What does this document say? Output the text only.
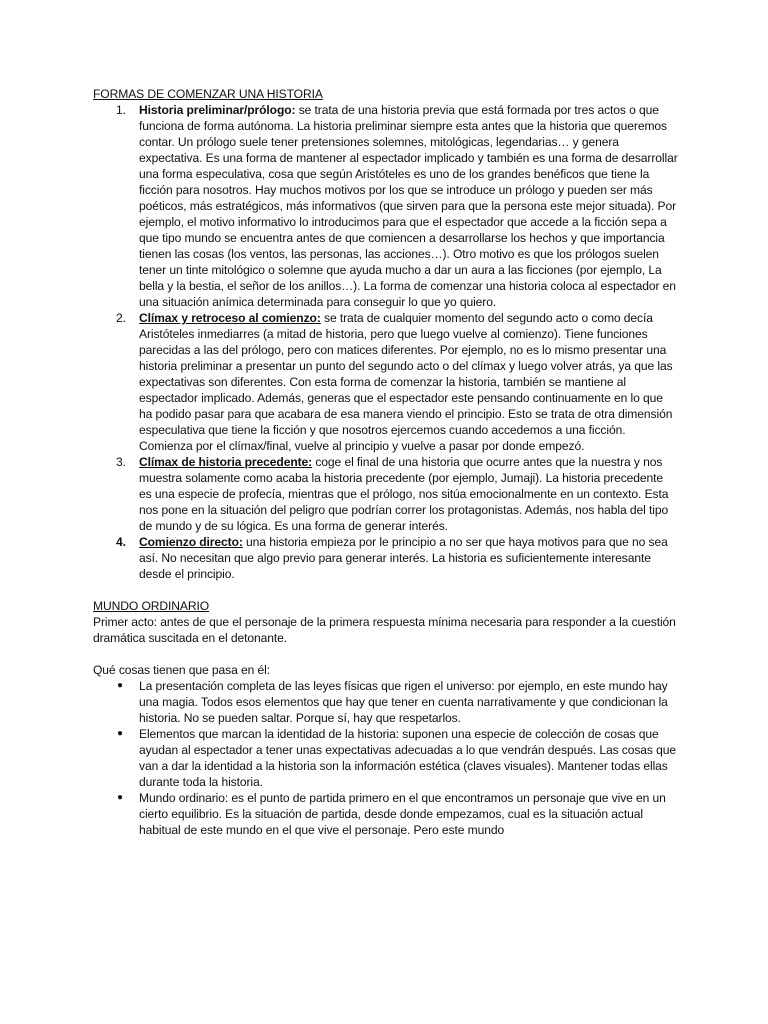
FORMAS DE COMENZAR UNA HISTORIA

1. Historia preliminar/prólogo: se trata de una historia previa que está formada por tres actos o que funciona de forma autónoma. La historia preliminar siempre esta antes que la historia que queremos contar. Un prólogo suele tener pretensiones solemnes, mitológicas, legendarias… y genera expectativa. Es una forma de mantener al espectador implicado y también es una forma de desarrollar una forma especulativa, cosa que según Aristóteles es uno de los grandes benéficos que tiene la ficción para nosotros. Hay muchos motivos por los que se introduce un prólogo y pueden ser más poéticos, más estratégicos, más informativos (que sirven para que la persona este mejor situada). Por ejemplo, el motivo informativo lo introducimos para que el espectador que accede a la ficción sepa a que tipo mundo se encuentra antes de que comiencen a desarrollarse los hechos y que importancia tienen las cosas (los ventos, las personas, las acciones…). Otro motivo es que los prólogos suelen tener un tinte mitológico o solemne que ayuda mucho a dar un aura a las ficciones (por ejemplo, La bella y la bestia, el señor de los anillos…). La forma de comenzar una historia coloca al espectador en una situación anímica determinada para conseguir lo que yo quiero.
2. Clímax y retroceso al comienzo: se trata de cualquier momento del segundo acto o como decía Aristóteles inmediarres (a mitad de historia, pero que luego vuelve al comienzo). Tiene funciones parecidas a las del prólogo, pero con matices diferentes. Por ejemplo, no es lo mismo presentar una historia preliminar a presentar un punto del segundo acto o del clímax y luego volver atrás, ya que las expectativas son diferentes. Con esta forma de comenzar la historia, también se mantiene al espectador implicado. Además, generas que el espectador este pensando continuamente en lo que ha podido pasar para que acabara de esa manera viendo el principio. Esto se trata de otra dimensión especulativa que tiene la ficción y que nosotros ejercemos cuando accedemos a una ficción. Comienza por el clímax/final, vuelve al principio y vuelve a pasar por donde empezó.
3. Clímax de historia precedente: coge el final de una historia que ocurre antes que la nuestra y nos muestra solamente como acaba la historia precedente (por ejemplo, Jumaji). La historia precedente es una especie de profecía, mientras que el prólogo, nos sitúa emocionalmente en un contexto. Esta nos pone en la situación del peligro que podrían correr los protagonistas. Además, nos habla del tipo de mundo y de su lógica. Es una forma de generar interés.
4. Comienzo directo: una historia empieza por le principio a no ser que haya motivos para que no sea así. No necesitan que algo previo para generar interés. La historia es suficientemente interesante desde el principio.

MUNDO ORDINARIO

Primer acto: antes de que el personaje de la primera respuesta mínima necesaria para responder a la cuestión dramática suscitada en el detonante.

Qué cosas tienen que pasa en él:

● La presentación completa de las leyes físicas que rigen el universo: por ejemplo, en este mundo hay una magia. Todos esos elementos que hay que tener en cuenta narrativamente y que condicionan la historia. No se pueden saltar. Porque sí, hay que respetarlos.
● Elementos que marcan la identidad de la historia: suponen una especie de colección de cosas que ayudan al espectador a tener unas expectativas adecuadas a lo que vendrán después. Las cosas que van a dar la identidad a la historia son la información estética (claves visuales). Mantener todas ellas durante toda la historia.
● Mundo ordinario: es el punto de partida primero en el que encontramos un personaje que vive en un cierto equilibrio. Es la situación de partida, desde donde empezamos, cual es la situación actual habitual de este mundo en el que vive el personaje. Pero este mundo
